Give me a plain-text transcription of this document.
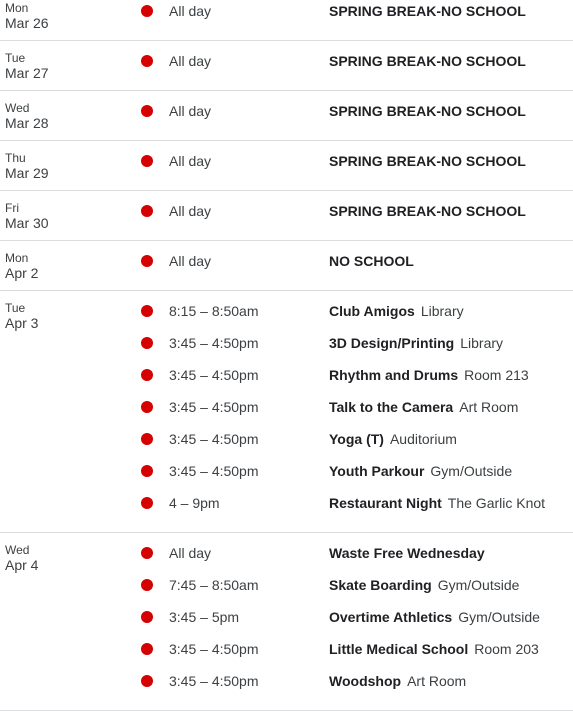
Mon
Mar 26
All day	SPRING BREAK-NO SCHOOL
Tue
Mar 27
All day	SPRING BREAK-NO SCHOOL
Wed
Mar 28
All day	SPRING BREAK-NO SCHOOL
Thu
Mar 29
All day	SPRING BREAK-NO SCHOOL
Fri
Mar 30
All day	SPRING BREAK-NO SCHOOL
Mon
Apr 2
All day	NO SCHOOL
Tue
Apr 3
8:15 – 8:50am	Club Amigos Library
3:45 – 4:50pm	3D Design/Printing Library
3:45 – 4:50pm	Rhythm and Drums Room 213
3:45 – 4:50pm	Talk to the Camera Art Room
3:45 – 4:50pm	Yoga (T) Auditorium
3:45 – 4:50pm	Youth Parkour Gym/Outside
4 – 9pm	Restaurant Night The Garlic Knot
Wed
Apr 4
All day	Waste Free Wednesday
7:45 – 8:50am	Skate Boarding Gym/Outside
3:45 – 5pm	Overtime Athletics Gym/Outside
3:45 – 4:50pm	Little Medical School Room 203
3:45 – 4:50pm	Woodshop Art Room
